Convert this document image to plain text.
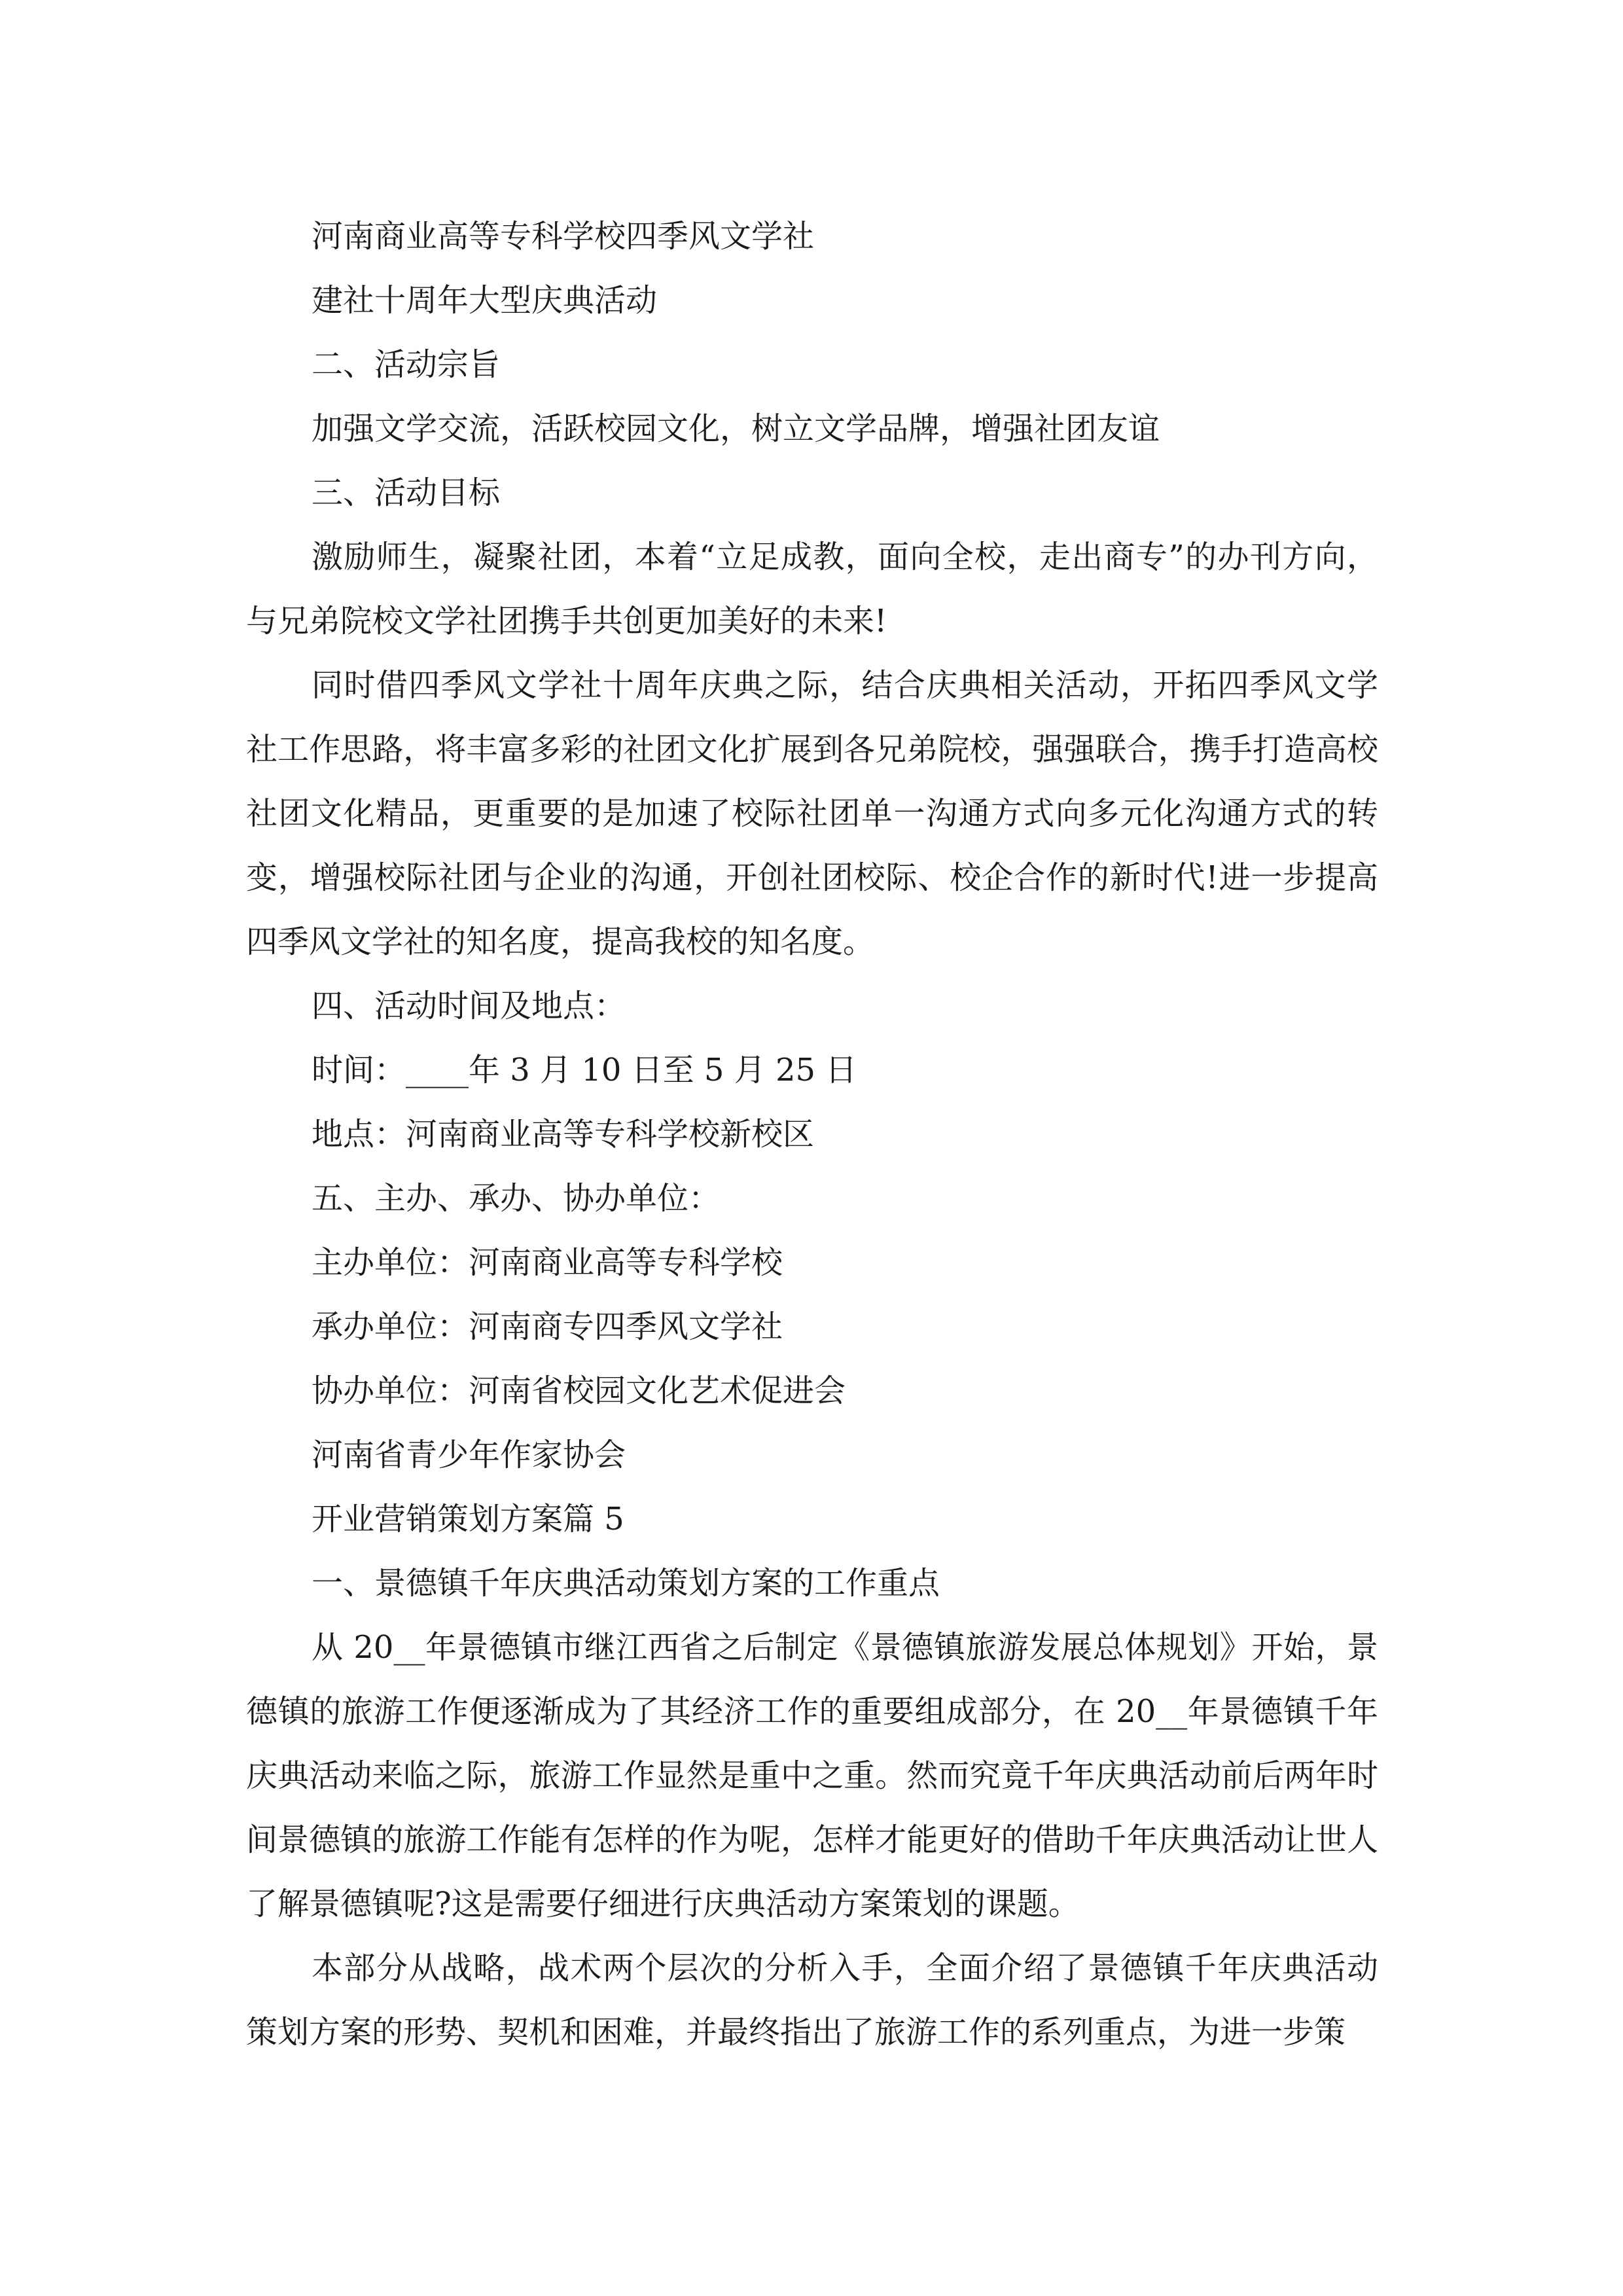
河南商业高等专科学校四季风文学社
建社十周年大型庆典活动
二、活动宗旨
加强文学交流，活跃校园文化，树立文学品牌，增强社团友谊
三、活动目标
激励师生，凝聚社团，本着“立足成教，面向全校，走出商专”的办刊方向，与兄弟院校文学社团携手共创更加美好的未来!
同时借四季风文学社十周年庆典之际，结合庆典相关活动，开拓四季风文学社工作思路，将丰富多彩的社团文化扩展到各兄弟院校，强强联合，携手打造高校社团文化精品，更重要的是加速了校际社团单一沟通方式向多元化沟通方式的转变，增强校际社团与企业的沟通，开创社团校际、校企合作的新时代!进一步提高四季风文学社的知名度，提高我校的知名度。
四、活动时间及地点：
时间：____年 3 月 10 日至 5 月 25 日
地点：河南商业高等专科学校新校区
五、主办、承办、协办单位：
主办单位：河南商业高等专科学校
承办单位：河南商专四季风文学社
协办单位：河南省校园文化艺术促进会
河南省青少年作家协会
开业营销策划方案篇 5
一、景德镇千年庆典活动策划方案的工作重点
从 20__年景德镇市继江西省之后制定《景德镇旅游发展总体规划》开始，景德镇的旅游工作便逐渐成为了其经济工作的重要组成部分，在 20__年景德镇千年庆典活动来临之际，旅游工作显然是重中之重。然而究竟千年庆典活动前后两年时间景德镇的旅游工作能有怎样的作为呢，怎样才能更好的借助千年庆典活动让世人了解景德镇呢?这是需要仔细进行庆典活动方案策划的课题。
本部分从战略，战术两个层次的分析入手，全面介绍了景德镇千年庆典活动策划方案的形势、契机和困难，并最终指出了旅游工作的系列重点，为进一步策
